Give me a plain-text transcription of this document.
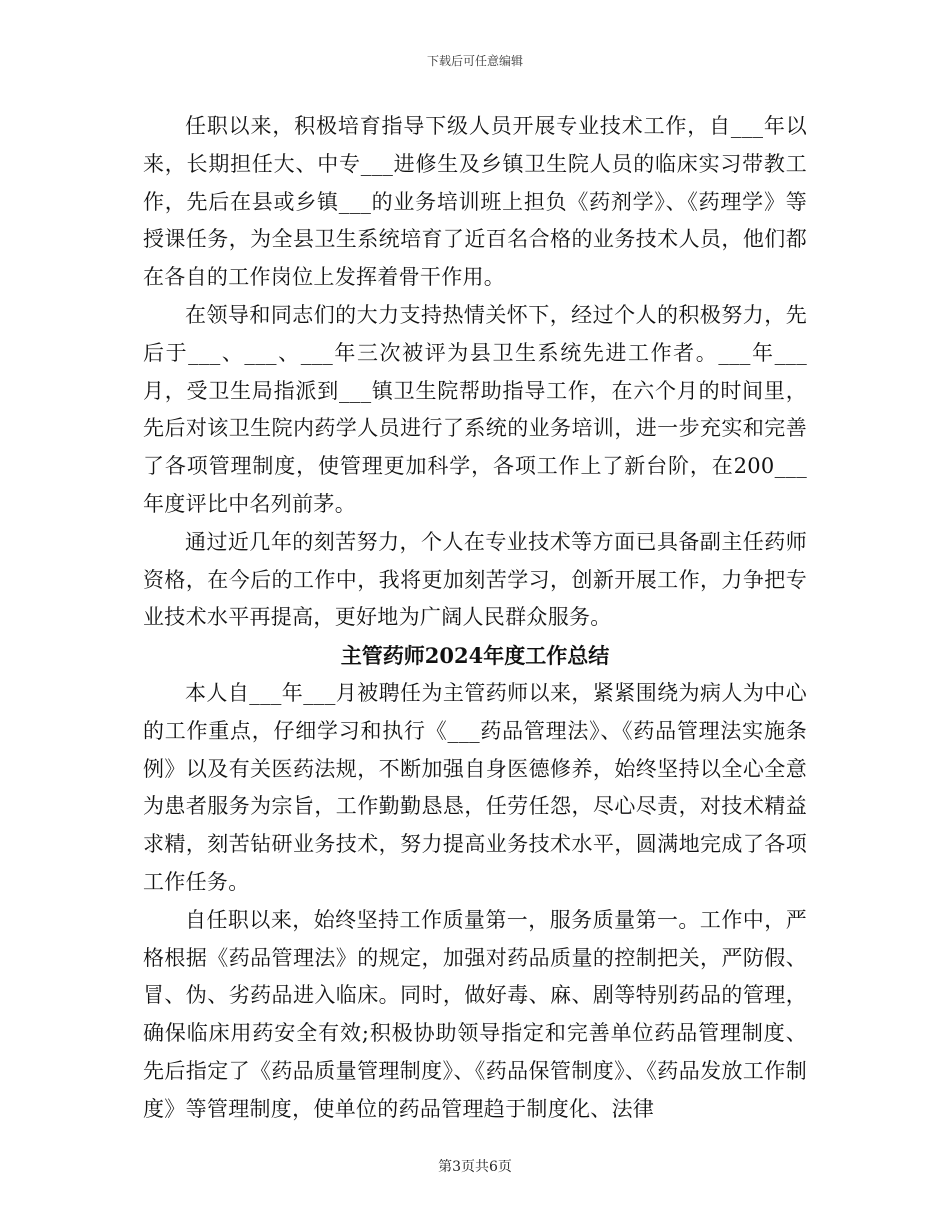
下载后可任意编辑

任职以来，积极培育指导下级人员开展专业技术工作，自___年以来，长期担任大、中专___进修生及乡镇卫生院人员的临床实习带教工作，先后在县或乡镇___的业务培训班上担负《药剂学》、《药理学》等授课任务，为全县卫生系统培育了近百名合格的业务技术人员，他们都在各自的工作岗位上发挥着骨干作用。

在领导和同志们的大力支持热情关怀下，经过个人的积极努力，先后于___、___、___年三次被评为县卫生系统先进工作者。___年___月，受卫生局指派到___镇卫生院帮助指导工作，在六个月的时间里，先后对该卫生院内药学人员进行了系统的业务培训，进一步充实和完善了各项管理制度，使管理更加科学，各项工作上了新台阶，在200___年度评比中名列前茅。

通过近几年的刻苦努力，个人在专业技术等方面已具备副主任药师资格，在今后的工作中，我将更加刻苦学习，创新开展工作，力争把专业技术水平再提高，更好地为广阔人民群众服务。

主管药师2024年度工作总结

本人自___年___月被聘任为主管药师以来，紧紧围绕为病人为中心的工作重点，仔细学习和执行《___药品管理法》、《药品管理法实施条例》以及有关医药法规，不断加强自身医德修养，始终坚持以全心全意为患者服务为宗旨，工作勤勤恳恳，任劳任怨，尽心尽责，对技术精益求精，刻苦钻研业务技术，努力提高业务技术水平，圆满地完成了各项工作任务。

自任职以来，始终坚持工作质量第一，服务质量第一。工作中，严格根据《药品管理法》的规定，加强对药品质量的控制把关，严防假、冒、伪、劣药品进入临床。同时，做好毒、麻、剧等特别药品的管理，确保临床用药安全有效;积极协助领导指定和完善单位药品管理制度、先后指定了《药品质量管理制度》、《药品保管制度》、《药品发放工作制度》等管理制度，使单位的药品管理趋于制度化、法律

第3页共6页
